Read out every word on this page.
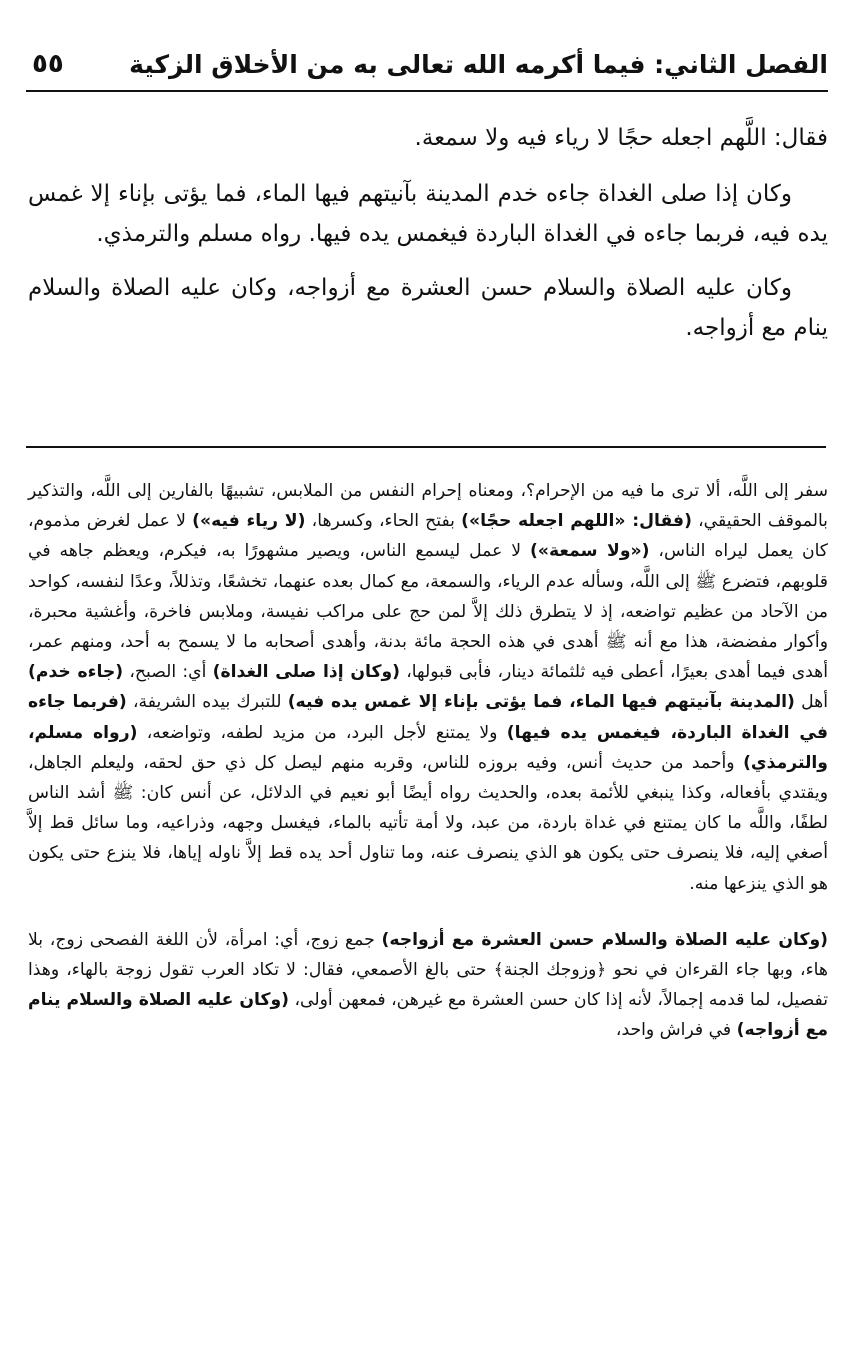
الفصل الثاني: فيما أكرمه الله تعالى به من الأخلاق الزكية
٥٥

فقال: اللَّهم اجعله حجًا لا رياء فيه ولا سمعة.

وكان إذا صلى الغداة جاءه خدم المدينة بآنيتهم فيها الماء، فما يؤتى بإناء إلا غمس يده فيه، فربما جاءه في الغداة الباردة فيغمس يده فيها. رواه مسلم والترمذي.

وكان عليه الصلاة والسلام حسن العشرة مع أزواجه، وكان عليه الصلاة والسلام ينام مع أزواجه.

سفر إلى اللَّه، ألا ترى ما فيه من الإحرام؟، ومعناه إحرام النفس من الملابس، تشبيهًا بالفارين إلى اللَّه، والتذكير بالموقف الحقيقي، (فقال: «اللهم اجعله حجًا») بفتح الحاء، وكسرها، (لا رياء فيه») لا عمل لغرض مذموم، كان يعمل ليراه الناس، («ولا سمعة») لا عمل ليسمع الناس، ويصير مشهورًا به، فيكرم، ويعظم جاهه في قلوبهم، فتضرع ﷺ إلى اللَّه، وسأله عدم الرياء، والسمعة، مع كمال بعده عنهما، تخشعًا، وتذللاً، وعدًا لنفسه، كواحد من الآحاد من عظيم تواضعه، إذ لا يتطرق ذلك إلاَّ لمن حج على مراكب نفيسة، وملابس فاخرة، وأغشية محبرة، وأكوار مفضضة، هذا مع أنه ﷺ أهدى في هذه الحجة مائة بدنة، وأهدى أصحابه ما لا يسمح به أحد، ومنهم عمر، أهدى فيما أهدى بعيرًا، أعطى فيه ثلثمائة دينار، فأبى قبولها، (وكان إذا صلى الغداة) أي: الصبح، (جاءه خدم) أهل (المدينة بآنيتهم فيها الماء، فما يؤتى بإناء إلا غمس يده فيه) للتبرك بيده الشريفة، (فربما جاءه في الغداة الباردة، فيغمس يده فيها) ولا يمتنع لأجل البرد، من مزيد لطفه، وتواضعه، (رواه مسلم، والترمذي) وأحمد من حديث أنس، وفيه بروزه للناس، وقربه منهم ليصل كل ذي حق لحقه، وليعلم الجاهل، ويقتدي بأفعاله، وكذا ينبغي للأئمة بعده، والحديث رواه أيضًا أبو نعيم في الدلائل، عن أنس كان: ﷺ أشد الناس لطفًا، واللَّه ما كان يمتنع في غداة باردة، من عبد، ولا أمة تأتيه بالماء، فيغسل وجهه، وذراعيه، وما سائل قط إلاَّ أصغي إليه، فلا ينصرف حتى يكون هو الذي ينصرف عنه، وما تناول أحد يده قط إلاَّ ناوله إياها، فلا ينزع حتى يكون هو الذي ينزعها منه.

(وكان عليه الصلاة والسلام حسن العشرة مع أزواجه) جمع زوج، أي: امرأة، لأن اللغة الفصحى زوج، بلا هاء، وبها جاء القرءان في نحو ﴿وزوجك الجنة﴾ حتى بالغ الأصمعي، فقال: لا تكاد العرب تقول زوجة بالهاء، وهذا تفصيل، لما قدمه إجمالاً، لأنه إذا كان حسن العشرة مع غيرهن، فمعهن أولى، (وكان عليه الصلاة والسلام ينام مع أزواجه) في فراش واحد،
